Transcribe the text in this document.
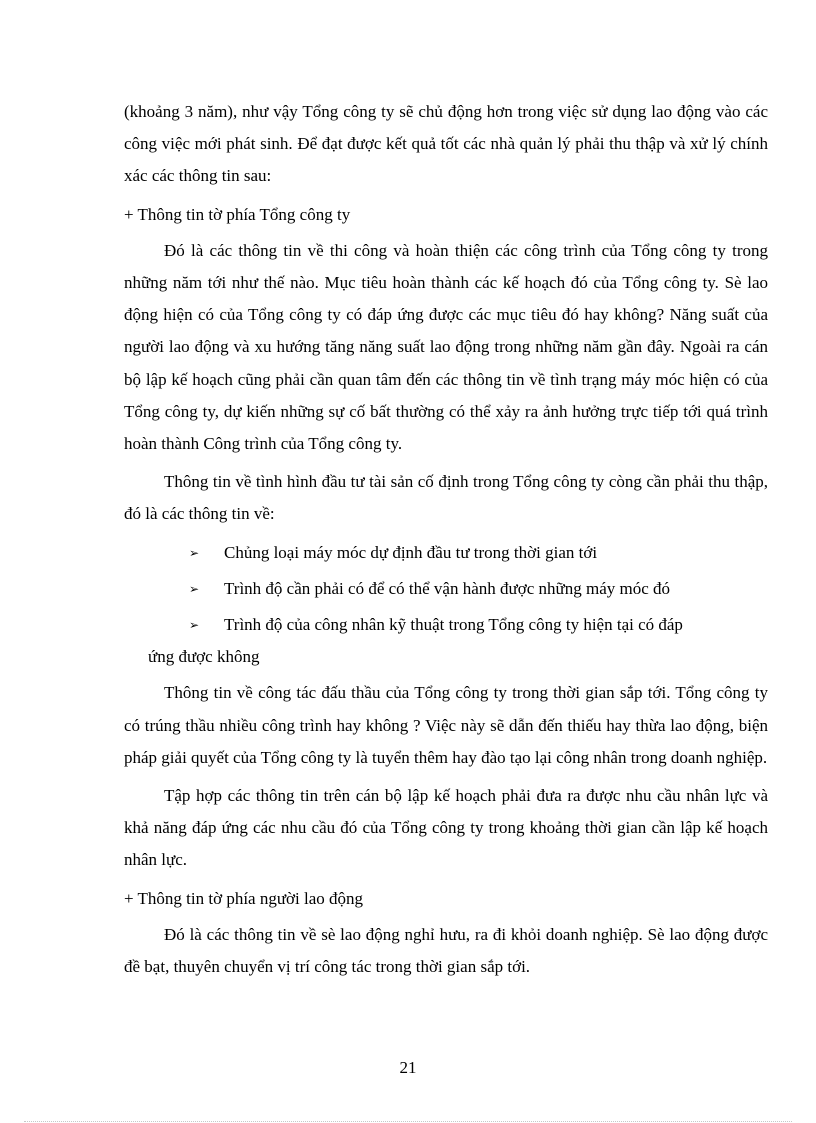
(khoảng 3 năm), như vậy Tổng công ty sẽ chủ động hơn trong việc sử dụng lao động vào các công việc mới phát sinh. Để đạt được kết quả tốt các nhà quản lý phải thu thập và xử lý chính xác các thông tin sau:

+ Thông tin tờ phía Tổng công ty

Đó là các thông tin về thi công và hoàn thiện các công trình của Tổng công ty trong những năm tới như thế nào. Mục tiêu hoàn thành các kế hoạch đó của Tổng công ty. Sè lao động hiện có của Tổng công ty có đáp ứng được các mục tiêu đó hay không? Năng suất của người lao động và xu hướng tăng năng suất lao động trong những năm gần đây. Ngoài ra cán bộ lập kế hoạch cũng phải cần quan tâm đến các thông tin về tình trạng máy móc hiện có của Tổng công ty, dự kiến những sự cố bất thường có thể xảy ra ảnh hưởng trực tiếp tới quá trình hoàn thành Công trình của Tổng công ty.

Thông tin về tình hình đầu tư tài sản cố định trong Tổng công ty còng cần phải thu thập, đó là các thông tin về:

➢ Chủng loại máy móc dự định đầu tư trong thời gian tới

➢ Trình độ cần phải có để có thể vận hành được những máy móc đó

➢ Trình độ của công nhân kỹ thuật trong Tổng công ty hiện tại có đáp
ứng được không

Thông tin về công tác đấu thầu của Tổng công ty trong thời gian sắp tới. Tổng công ty có trúng thầu nhiều công trình hay không ? Việc này sẽ dẫn đến thiếu hay thừa lao động, biện pháp giải quyết của Tổng công ty là tuyển thêm hay đào tạo lại công nhân trong doanh nghiệp.

Tập hợp các thông tin trên cán bộ lập kế hoạch phải đưa ra được nhu cầu nhân lực và khả năng đáp ứng các nhu cầu đó của Tổng công ty trong khoảng thời gian cần lập kế hoạch nhân lực.

+ Thông tin tờ phía người lao động

Đó là các thông tin về sè lao động nghỉ hưu, ra đi khỏi doanh nghiệp. Sè lao động được đề bạt, thuyên chuyển vị trí công tác trong thời gian sắp tới.

21
